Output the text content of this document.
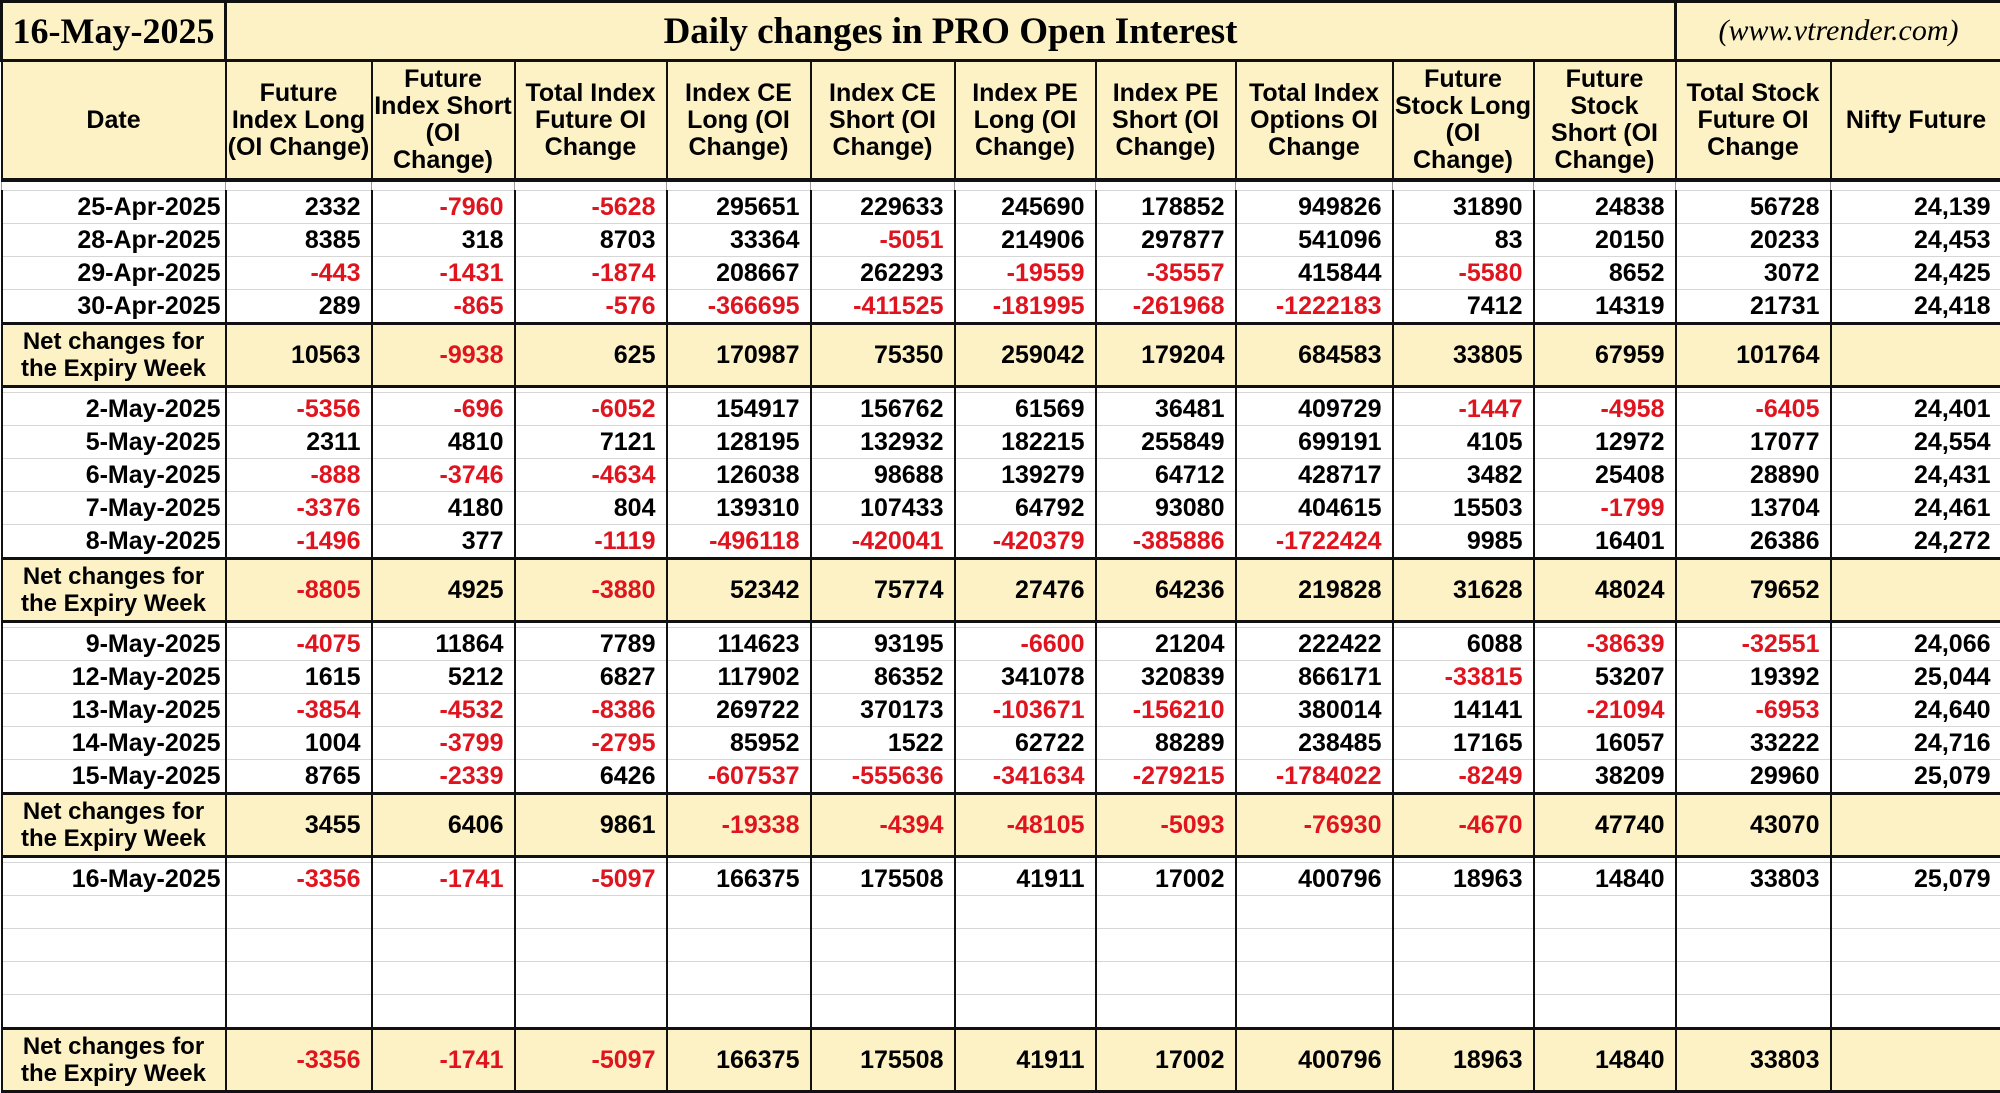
16-May-2025	Daily changes in PRO Open Interest										(www.vtrender.com)	
Date	Future Index Long (OI Change)	Future Index Short (OI Change)	Total Index Future OI Change	Index CE Long (OI Change)	Index CE Short (OI Change)	Index PE Long (OI Change)	Index PE Short (OI Change)	Total Index Options OI Change	Future Stock Long (OI Change)	Future Stock Short (OI Change)	Total Stock Future OI Change	Nifty Future

25-Apr-2025	2332	-7960	-5628	295651	229633	245690	178852	949826	31890	24838	56728	24,139
28-Apr-2025	8385	318	8703	33364	-5051	214906	297877	541096	83	20150	20233	24,453
29-Apr-2025	-443	-1431	-1874	208667	262293	-19559	-35557	415844	-5580	8652	3072	24,425
30-Apr-2025	289	-865	-576	-366695	-411525	-181995	-261968	-1222183	7412	14319	21731	24,418
Net changes for the Expiry Week	10563	-9938	625	170987	75350	259042	179204	684583	33805	67959	101764	

2-May-2025	-5356	-696	-6052	154917	156762	61569	36481	409729	-1447	-4958	-6405	24,401
5-May-2025	2311	4810	7121	128195	132932	182215	255849	699191	4105	12972	17077	24,554
6-May-2025	-888	-3746	-4634	126038	98688	139279	64712	428717	3482	25408	28890	24,431
7-May-2025	-3376	4180	804	139310	107433	64792	93080	404615	15503	-1799	13704	24,461
8-May-2025	-1496	377	-1119	-496118	-420041	-420379	-385886	-1722424	9985	16401	26386	24,272
Net changes for the Expiry Week	-8805	4925	-3880	52342	75774	27476	64236	219828	31628	48024	79652	

9-May-2025	-4075	11864	7789	114623	93195	-6600	21204	222422	6088	-38639	-32551	24,066
12-May-2025	1615	5212	6827	117902	86352	341078	320839	866171	-33815	53207	19392	25,044
13-May-2025	-3854	-4532	-8386	269722	370173	-103671	-156210	380014	14141	-21094	-6953	24,640
14-May-2025	1004	-3799	-2795	85952	1522	62722	88289	238485	17165	16057	33222	24,716
15-May-2025	8765	-2339	6426	-607537	-555636	-341634	-279215	-1784022	-8249	38209	29960	25,079
Net changes for the Expiry Week	3455	6406	9861	-19338	-4394	-48105	-5093	-76930	-4670	47740	43070	

16-May-2025	-3356	-1741	-5097	166375	175508	41911	17002	400796	18963	14840	33803	25,079

Net changes for the Expiry Week	-3356	-1741	-5097	166375	175508	41911	17002	400796	18963	14840	33803	
